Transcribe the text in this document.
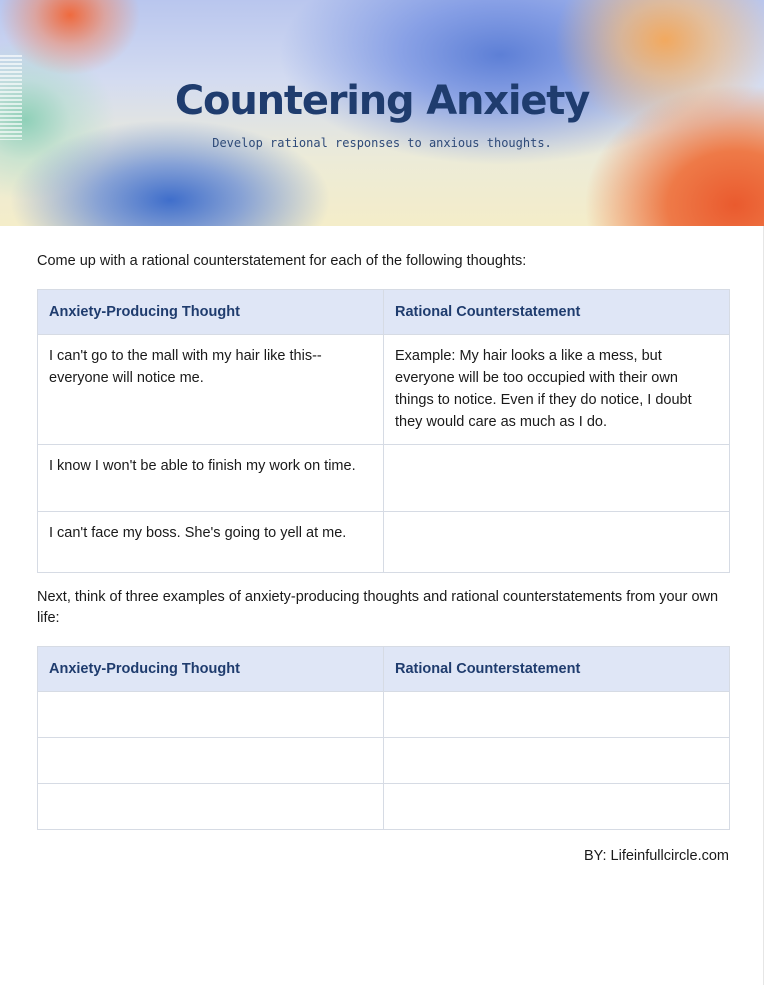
Countering Anxiety

Develop rational responses to anxious thoughts.

Come up with a rational counterstatement for each of the following thoughts:

Anxiety-Producing Thought	Rational Counterstatement
I can't go to the mall with my hair like this--everyone will notice me.	Example: My hair looks a like a mess, but everyone will be too occupied with their own things to notice. Even if they do notice, I doubt they would care as much as I do.
I know I won't be able to finish my work on time.	
I can't face my boss. She's going to yell at me.	

Next, think of three examples of anxiety-producing thoughts and rational counterstatements from your own life:

Anxiety-Producing Thought	Rational Counterstatement

BY: Lifeinfullcircle.com
